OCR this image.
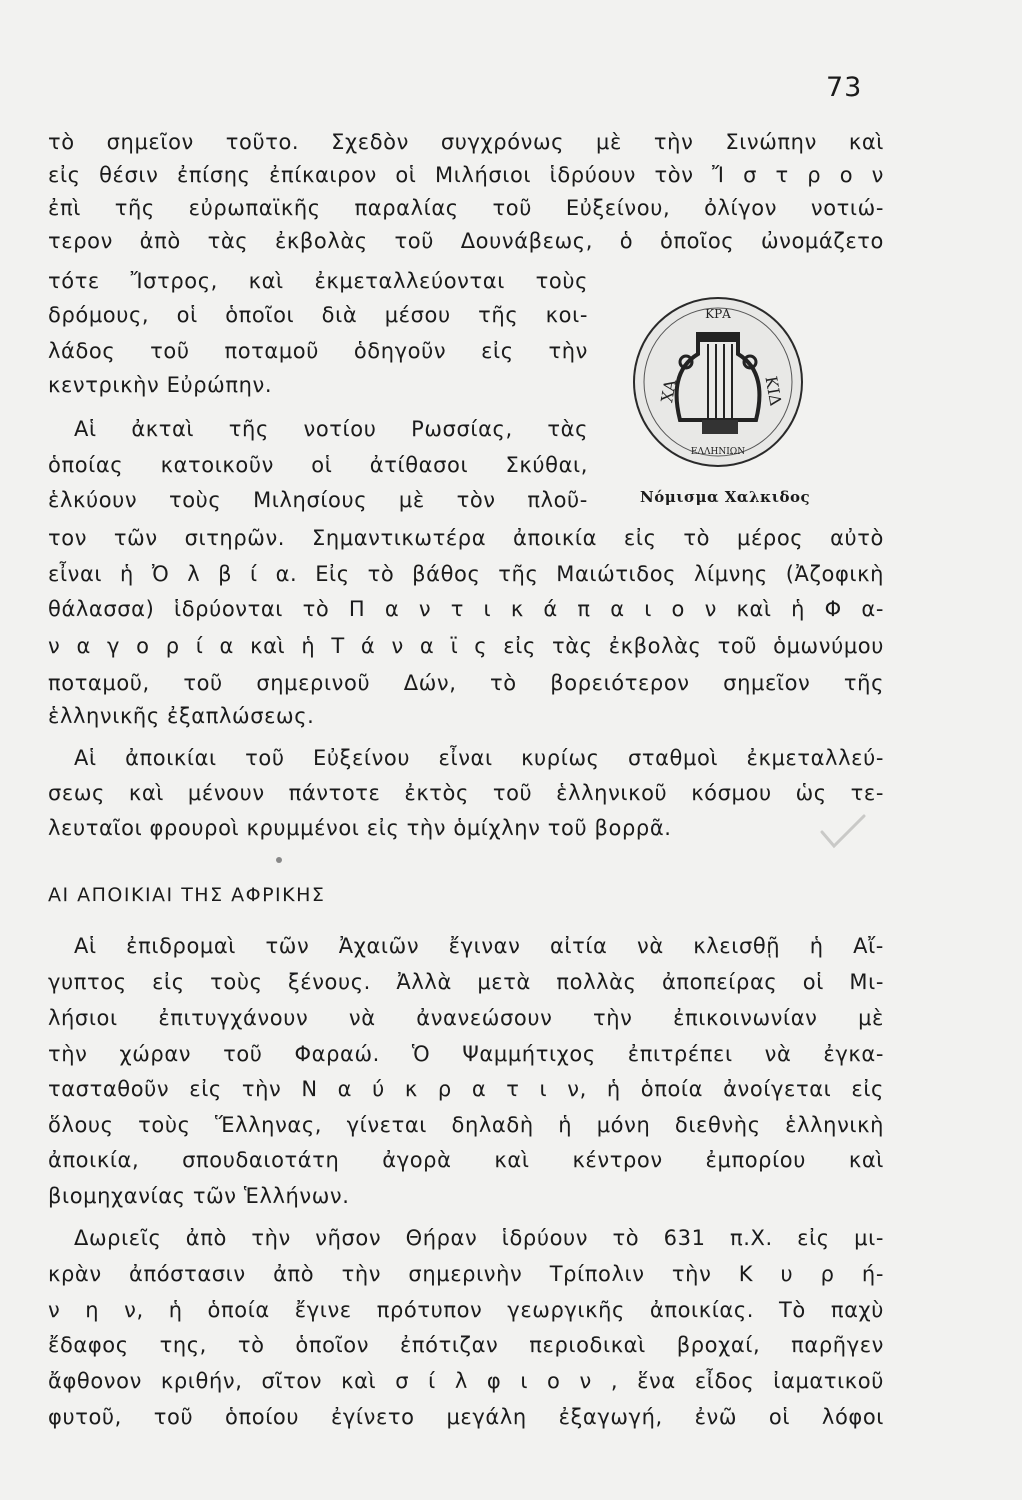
73
τὸ σημεῖον τοῦτο. Σχεδὸν συγχρόνως μὲ τὴν Σινώπην καὶ
εἰς θέσιν ἐπίσης ἐπίκαιρον οἱ Μιλήσιοι ἱδρύουν τὸν Ἴ σ τ ρ ο ν
ἐπὶ τῆς εὐρωπαϊκῆς παραλίας τοῦ Εὐξείνου, ὀλίγον νοτιώ-
τερον ἀπὸ τὰς ἐκβολὰς τοῦ Δουνάβεως, ὁ ὁποῖος ὠνομάζετο
τότε Ἴστρος, καὶ ἐκμεταλλεύονται τοὺς
δρόμους, οἱ ὁποῖοι διὰ μέσου τῆς κοι-
λάδος τοῦ ποταμοῦ ὁδηγοῦν εἰς τὴν
κεντρικὴν Εὐρώπην.
Αἱ ἀκταὶ τῆς νοτίου Ρωσσίας, τὰς
ὁποίας κατοικοῦν οἱ ἀτίθασοι Σκύθαι,
ἑλκύουν τοὺς Μιλησίους μὲ τὸν πλοῦ-
τον τῶν σιτηρῶν. Σημαντικωτέρα ἀποικία εἰς τὸ μέρος αὐτὸ
εἶναι ἡ Ὀ λ β ί α. Εἰς τὸ βάθος τῆς Μαιώτιδος λίμνης (Ἀζοφικὴ
θάλασσα) ἱδρύονται τὸ Π α ν τ ι κ ά π α ι ο ν καὶ ἡ Φ α-
ν α γ ο ρ ί α καὶ ἡ Τ ά ν α ϊ ς εἰς τὰς ἐκβολὰς τοῦ ὁμωνύμου
ποταμοῦ, τοῦ σημερινοῦ Δών, τὸ βορειότερον σημεῖον τῆς
ἑλληνικῆς ἐξαπλώσεως.
Αἱ ἀποικίαι τοῦ Εὐξείνου εἶναι κυρίως σταθμοὶ ἐκμεταλλεύ-
σεως καὶ μένουν πάντοτε ἐκτὸς τοῦ ἑλληνικοῦ κόσμου ὡς τε-
λευταῖοι φρουροὶ κρυμμένοι εἰς τὴν ὁμίχλην τοῦ βορρᾶ.
ΑΙ ΑΠΟΙΚΙΑΙ ΤΗΣ ΑΦΡΙΚΗΣ
Αἱ ἐπιδρομαὶ τῶν Ἀχαιῶν ἔγιναν αἰτία νὰ κλεισθῇ ἡ Αἴ-
γυπτος εἰς τοὺς ξένους. Ἀλλὰ μετὰ πολλὰς ἀποπείρας οἱ Μι-
λήσιοι ἐπιτυγχάνουν νὰ ἀνανεώσουν τὴν ἐπικοινωνίαν μὲ
τὴν χώραν τοῦ Φαραώ. Ὁ Ψαμμήτιχος ἐπιτρέπει νὰ ἐγκα-
τασταθοῦν εἰς τὴν Ν α ύ κ ρ α τ ι ν, ἡ ὁποία ἀνοίγεται εἰς
ὅλους τοὺς Ἕλληνας, γίνεται δηλαδὴ ἡ μόνη διεθνὴς ἑλληνικὴ
ἀποικία, σπουδαιοτάτη ἀγορὰ καὶ κέντρον ἐμπορίου καὶ
βιομηχανίας τῶν Ἑλλήνων.
Δωριεῖς ἀπὸ τὴν νῆσον Θήραν ἱδρύουν τὸ 631 π.Χ. εἰς μι-
κρὰν ἀπόστασιν ἀπὸ τὴν σημερινὴν Τρίπολιν τὴν Κ υ ρ ή-
ν η ν, ἡ ὁποία ἔγινε πρότυπον γεωργικῆς ἀποικίας. Τὸ παχὺ
ἔδαφος της, τὸ ὁποῖον ἐπότιζαν περιοδικαὶ βροχαί, παρῆγεν
ἄφθονον κριθήν, σῖτον καὶ σ ί λ φ ι ο ν , ἕνα εἶδος ἰαματικοῦ
φυτοῦ, τοῦ ὁποίου ἐγίνετο μεγάλη ἐξαγωγή, ἐνῶ οἱ λόφοι
ΚΡΑ
ΧΑ	ΚΙΔ
ΕΛΛΗΝΙΩΝ
Νόμισμα Χαλκιδος
